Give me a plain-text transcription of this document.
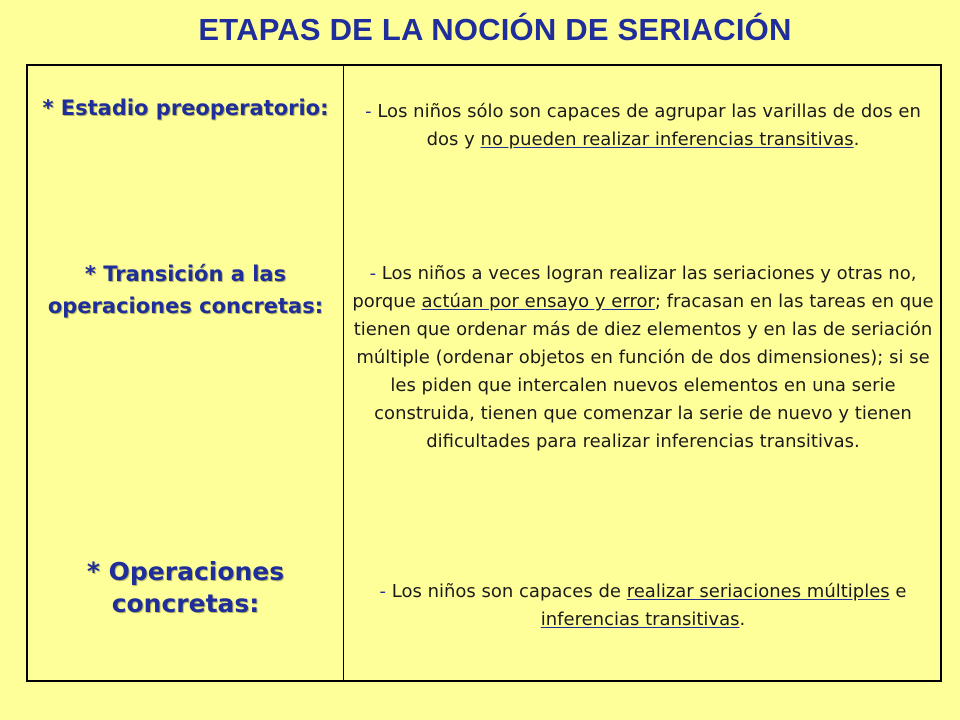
ETAPAS DE LA NOCIÓN DE SERIACIÓN
* Estadio preoperatorio:
* Transición a las operaciones concretas:
* Operaciones concretas:
- Los niños sólo son capaces de agrupar las varillas de dos en dos y no pueden realizar inferencias transitivas.
- Los niños a veces logran realizar las seriaciones y otras no, porque actúan por ensayo y error; fracasan en las tareas en que tienen que ordenar más de diez elementos y en las de seriación múltiple (ordenar objetos en función de dos dimensiones); si se les piden que intercalen nuevos elementos en una serie construida, tienen que comenzar la serie de nuevo y tienen dificultades para realizar inferencias transitivas.
- Los niños son capaces de realizar seriaciones múltiples e inferencias transitivas.
